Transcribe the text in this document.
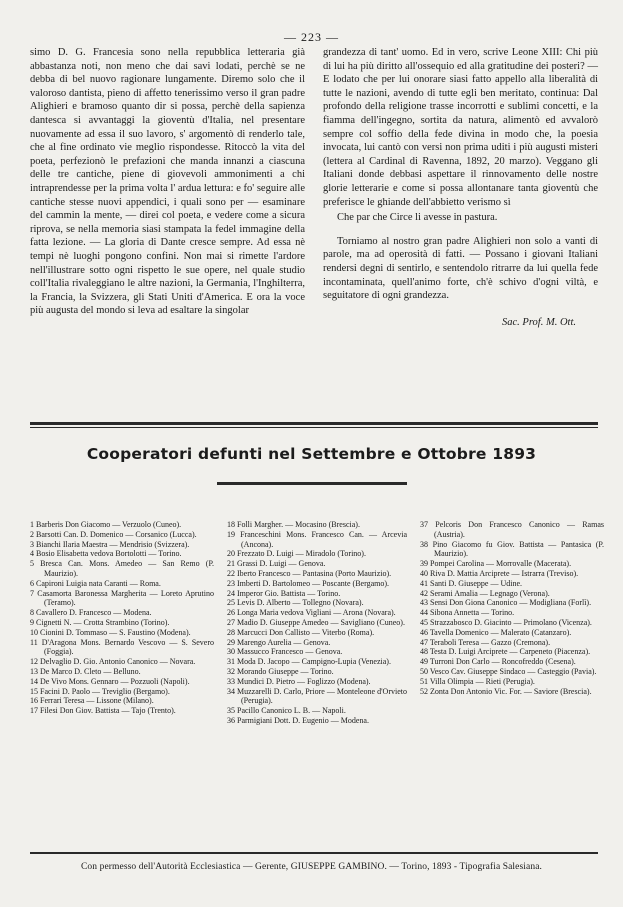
— 223 —

simo D. G. Francesia sono nella repubblica letteraria già abbastanza noti, non meno che dai savi lodati, perchè se ne debba di bel nuovo ragionare lungamente. Diremo solo che il valoroso dantista, pieno di affetto tenerissimo verso il gran padre Alighieri e bramoso quanto dir si possa, perchè della sapienza dantesca si avvantaggi la gioventù d'Italia, nel presentare nuovamente ad essa il suo lavoro, s' argomentò di renderlo tale, che al fine ordinato vie meglio rispondesse. Ritoccò la vita del poeta, perfezionò le prefazioni che manda innanzi a ciascuna delle tre cantiche, piene di giovevoli ammonimenti a chi intraprendesse per la prima volta l' ardua lettura: e fo' seguire alle cantiche stesse nuovi appendici, i quali sono per — esaminare del cammin la mente, — direi col poeta, e vedere come a sicura riprova, se nella memoria siasi stampata la fedel immagine della fatta lezione. — La gloria di Dante cresce sempre. Ad essa nè tempi nè luoghi pongono confini. Non mai si rimette l'ardore nell'illustrare sotto ogni rispetto le sue opere, nel quale studio coll'Italia rivaleggiano le altre nazioni, la Germania, l'Inghilterra, la Francia, la Svizzera, gli Stati Uniti d'America. E ora la voce più augusta del mondo si leva ad esaltare la singolar

grandezza di tant' uomo. Ed in vero, scrive Leone XIII: Chi più di lui ha più diritto all'ossequio ed alla gratitudine dei posteri? — E lodato che per lui onorare siasi fatto appello alla liberalità di tutte le nazioni, avendo di tutte egli ben meritato, continua: Dal profondo della religione trasse incorrotti e sublimi concetti, e la fiamma dell'ingegno, sortita da natura, alimentò ed avvalorò sempre col soffio della fede divina in modo che, la poesia invocata, lui cantò con versi non prima uditi i più augusti misteri (lettera al Cardinal di Ravenna, 1892, 20 marzo). Veggano gli Italiani donde debbasi aspettare il rinnovamento delle nostre glorie letterarie e come si possa allontanare tanta gioventù che preferisce le ghiande dell'abbietto verismo sì

Che par che Circe li avesse in pastura.

Torniamo al nostro gran padre Alighieri non solo a vanti di parole, ma ad operosità di fatti. — Possano i giovani Italiani rendersi degni di sentirlo, e sentendolo ritrarre da lui quella fede incontaminata, quell'animo forte, ch'è schivo d'ogni viltà, e seguitatore di ogni grandezza.

Sac. Prof. M. Ott.
Cooperatori defunti nel Settembre e Ottobre 1893
1 Barberis Don Giacomo — Verzuolo (Cuneo).
2 Barsotti Can. D. Domenico — Corsanico (Lucca).
3 Bianchi Ilaria Maestra — Mendrisio (Svizzera).
4 Bosio Elisabetta vedova Bortolotti — Torino.
5 Bresca Can. Mons. Amedeo — San Remo (P. Maurizio).
6 Capironi Luigia nata Caranti — Roma.
7 Casamorta Baronessa Margherita — Loreto Aprutino (Teramo).
8 Cavallero D. Francesco — Modena.
9 Cignetti N. — Crotta Strambino (Torino).
10 Cionini D. Tommaso — S. Faustino (Modena).
11 D'Aragona Mons. Bernardo Vescovo — S. Severo (Foggia).
12 Delvaglio D. Gio. Antonio Canonico — Novara.
13 De Marco D. Cleto — Belluno.
14 De Vivo Mons. Gennaro — Pozzuoli (Napoli).
15 Facini D. Paolo — Treviglio (Bergamo).
16 Ferrari Teresa — Lissone (Milano).
17 Filesi Don Giov. Battista — Tajo (Trento).
18 Folli Margher. — Mocasino (Brescia).
19 Franceschini Mons. Francesco Can. — Arcevia (Ancona).
20 Frezzato D. Luigi — Miradolo (Torino).
21 Grassi D. Luigi — Genova.
22 Iberto Francesco — Pantasina (Porto Maurizio).
23 Imberti D. Bartolomeo — Poscante (Bergamo).
24 Imperor Gio. Battista — Torino.
25 Levis D. Alberto — Tollegno (Novara).
26 Longa Maria vedova Vigliani — Arona (Novara).
27 Madio D. Giuseppe Amedeo — Savigliano (Cuneo).
28 Marcucci Don Callisto — Viterbo (Roma).
29 Marengo Aurelia — Genova.
30 Massucco Francesco — Genova.
31 Moda D. Jacopo — Campigno-Lupia (Venezia).
32 Morando Giuseppe — Torino.
33 Mundici D. Pietro — Foglizzo (Modena).
34 Muzzarelli D. Carlo, Priore — Monteleone d'Orvieto (Perugia).
35 Pacillo Canonico L. B. — Napoli.
36 Parmigiani Dott. D. Eugenio — Modena.
37 Pelcoris Don Francesco Canonico — Ramas (Austria).
38 Pino Giacomo fu Giov. Battista — Pantasica (P. Maurizio).
39 Pompei Carolina — Morrovalle (Macerata).
40 Riva D. Mattia Arciprete — Istrarra (Treviso).
41 Santi D. Giuseppe — Udine.
42 Serami Amalia — Legnago (Verona).
43 Sensi Don Giona Canonico — Modigliana (Forlì).
44 Sibona Annetta — Torino.
45 Strazzabosco D. Giacinto — Primolano (Vicenza).
46 Tavella Domenico — Malerato (Catanzaro).
47 Teraboli Teresa — Gazzo (Cremona).
48 Testa D. Luigi Arciprete — Carpeneto (Piacenza).
49 Turroni Don Carlo — Roncofreddo (Cesena).
50 Vesco Cav. Giuseppe Sindaco — Casteggio (Pavia).
51 Villa Olimpia — Rieti (Perugia).
52 Zonta Don Antonio Vic. For. — Saviore (Brescia).
Con permesso dell'Autorità Ecclesiastica — Gerente, GIUSEPPE GAMBINO. — Torino, 1893 - Tipografia Salesiana.
